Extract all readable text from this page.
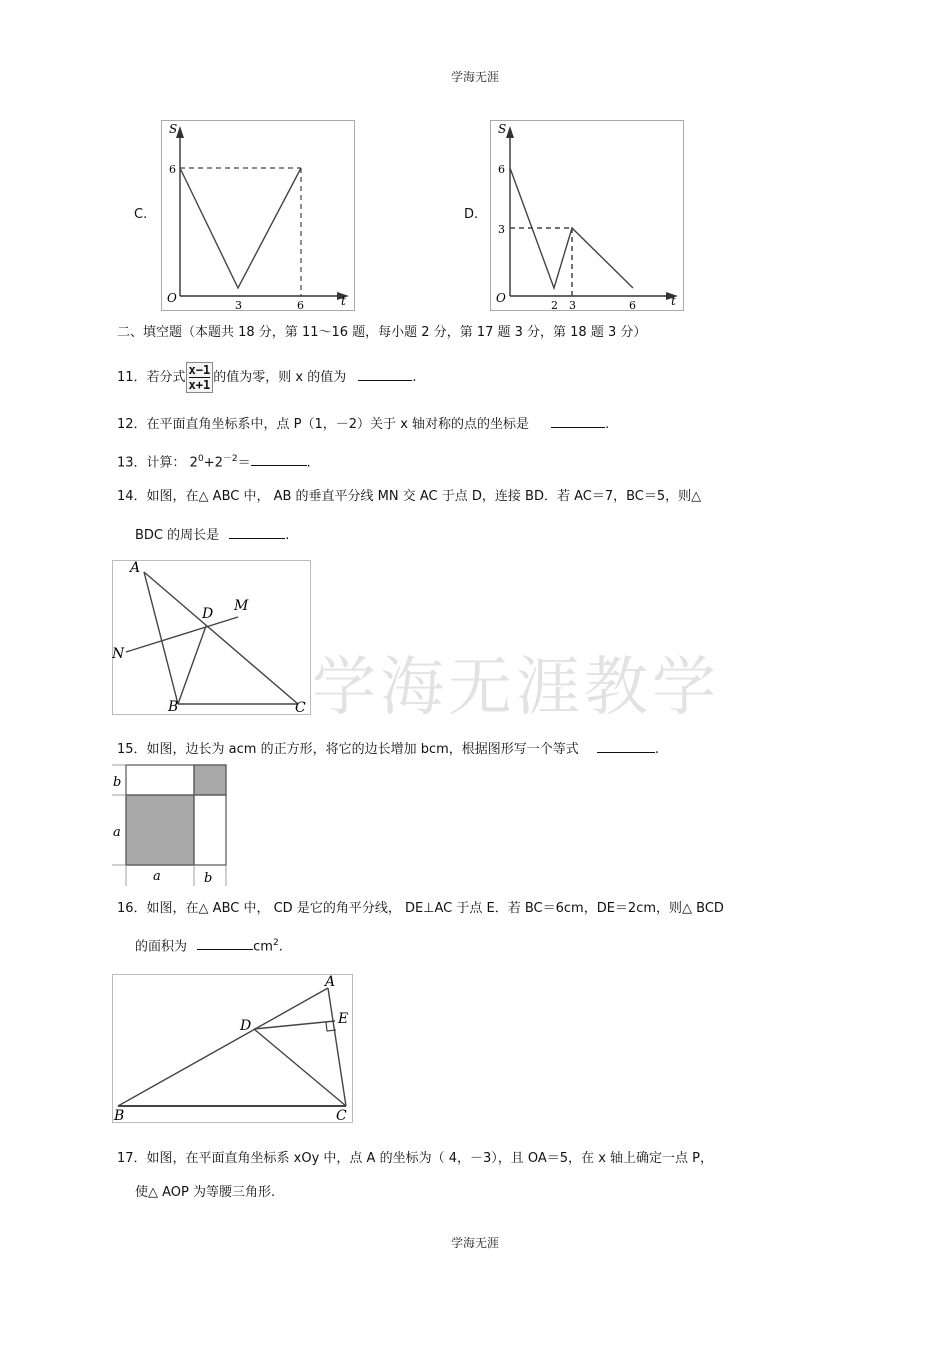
学海无涯
学海无涯教学
C.
S
t
O
6
3	6
D.
S
t
O
6
3
2 3	6
二、填空题（本题共 18 分，第 11～16 题，每小题 2 分，第 17 题 3 分，第 18 题 3 分）
11．若分式 $\frac{x-1}{x+1}$ 的值为零，则 x 的值为	.
12．在平面直角坐标系中，点 P（1，－2）关于 x 轴对称的点的坐标是	.
13．计算： $2^0+2^{-2}=$	.
14．如图，在△ ABC 中， AB 的垂直平分线 MN 交 AC 于点 D，连接 BD．若 AC＝7，BC＝5，则△
BDC 的周长是	.
A
D M
N
B	C
15．如图，边长为 acm 的正方形，将它的边长增加 bcm，根据图形写一个等式	.
b
a
a	b
16．如图，在△ ABC 中， CD 是它的角平分线， DE⊥AC 于点 E．若 BC＝6cm，DE＝2cm，则△ BCD
的面积为	$cm^2$.
A
D	E
B	C
17．如图，在平面直角坐标系 xOy 中，点 A 的坐标为（ 4，－3），且 OA＝5，在 x 轴上确定一点 P，
使△ AOP 为等腰三角形.
学海无涯
